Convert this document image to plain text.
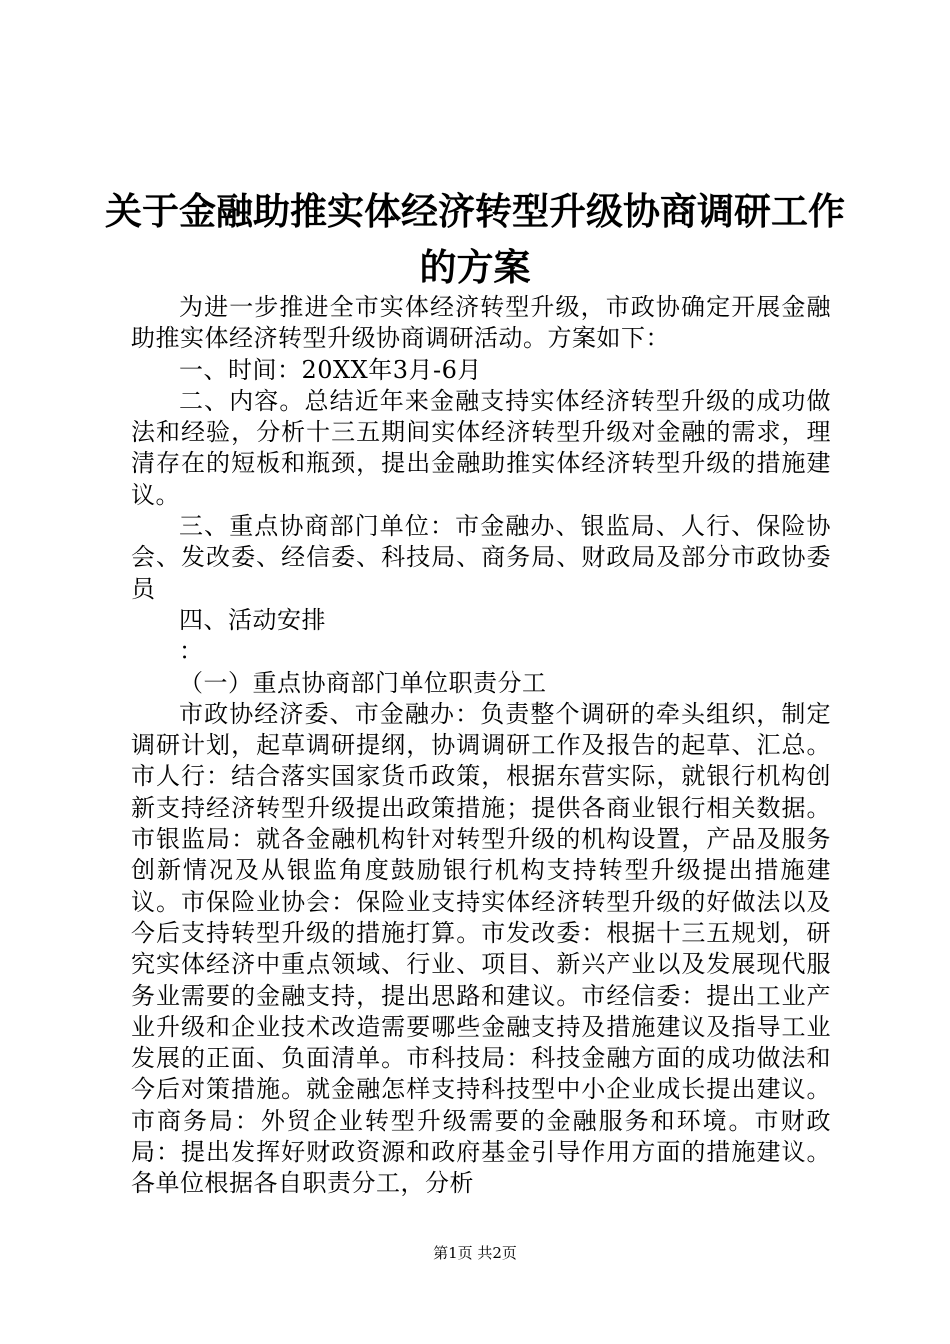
关于金融助推实体经济转型升级协商调研工作
的方案

为进一步推进全市实体经济转型升级，市政协确定开展金融助推实体经济转型升级协商调研活动。方案如下：

一、时间：20XX年3月-6月

二、内容。总结近年来金融支持实体经济转型升级的成功做法和经验，分析十三五期间实体经济转型升级对金融的需求，理清存在的短板和瓶颈，提出金融助推实体经济转型升级的措施建议。

三、重点协商部门单位：市金融办、银监局、人行、保险协会、发改委、经信委、科技局、商务局、财政局及部分市政协委员

四、活动安排

：

（一）重点协商部门单位职责分工

市政协经济委、市金融办：负责整个调研的牵头组织，制定调研计划，起草调研提纲，协调调研工作及报告的起草、汇总。市人行：结合落实国家货币政策，根据东营实际，就银行机构创新支持经济转型升级提出政策措施；提供各商业银行相关数据。市银监局：就各金融机构针对转型升级的机构设置，产品及服务创新情况及从银监角度鼓励银行机构支持转型升级提出措施建议。市保险业协会：保险业支持实体经济转型升级的好做法以及今后支持转型升级的措施打算。市发改委：根据十三五规划，研究实体经济中重点领域、行业、项目、新兴产业以及发展现代服务业需要的金融支持，提出思路和建议。市经信委：提出工业产业升级和企业技术改造需要哪些金融支持及措施建议及指导工业发展的正面、负面清单。市科技局：科技金融方面的成功做法和今后对策措施。就金融怎样支持科技型中小企业成长提出建议。市商务局：外贸企业转型升级需要的金融服务和环境。市财政局：提出发挥好财政资源和政府基金引导作用方面的措施建议。各单位根据各自职责分工，分析

第1页 共2页
